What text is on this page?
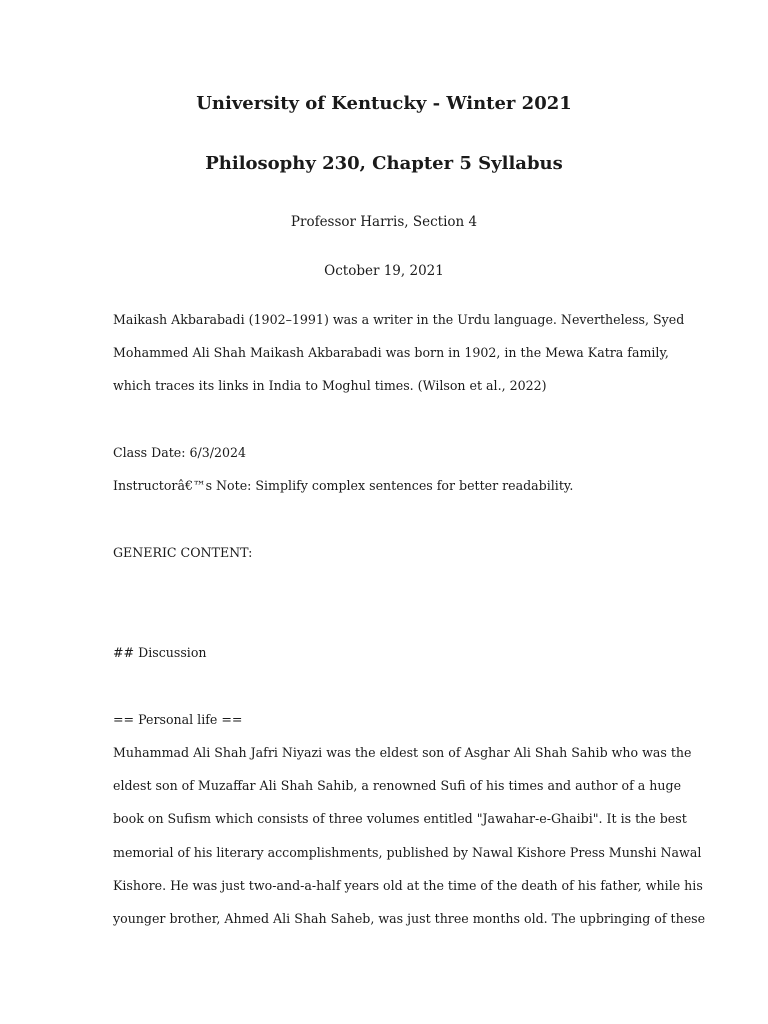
University of Kentucky - Winter 2021
Philosophy 230, Chapter 5 Syllabus
Professor Harris, Section 4
October 19, 2021
Maikash Akbarabadi (1902–1991) was a writer in the Urdu language. Nevertheless, Syed
Mohammed Ali Shah Maikash Akbarabadi was born in 1902, in the Mewa Katra family,
which traces its links in India to Moghul times. (Wilson et al., 2022)
Class Date: 6/3/2024
Instructorâ€™s Note: Simplify complex sentences for better readability.
GENERIC CONTENT:
## Discussion
== Personal life ==
Muhammad Ali Shah Jafri Niyazi was the eldest son of Asghar Ali Shah Sahib who was the
eldest son of Muzaffar Ali Shah Sahib, a renowned Sufi of his times and author of a huge
book on Sufism which consists of three volumes entitled "Jawahar-e-Ghaibi". It is the best
memorial of his literary accomplishments, published by Nawal Kishore Press Munshi Nawal
Kishore. He was just two-and-a-half years old at the time of the death of his father, while his
younger brother, Ahmed Ali Shah Saheb, was just three months old. The upbringing of these
